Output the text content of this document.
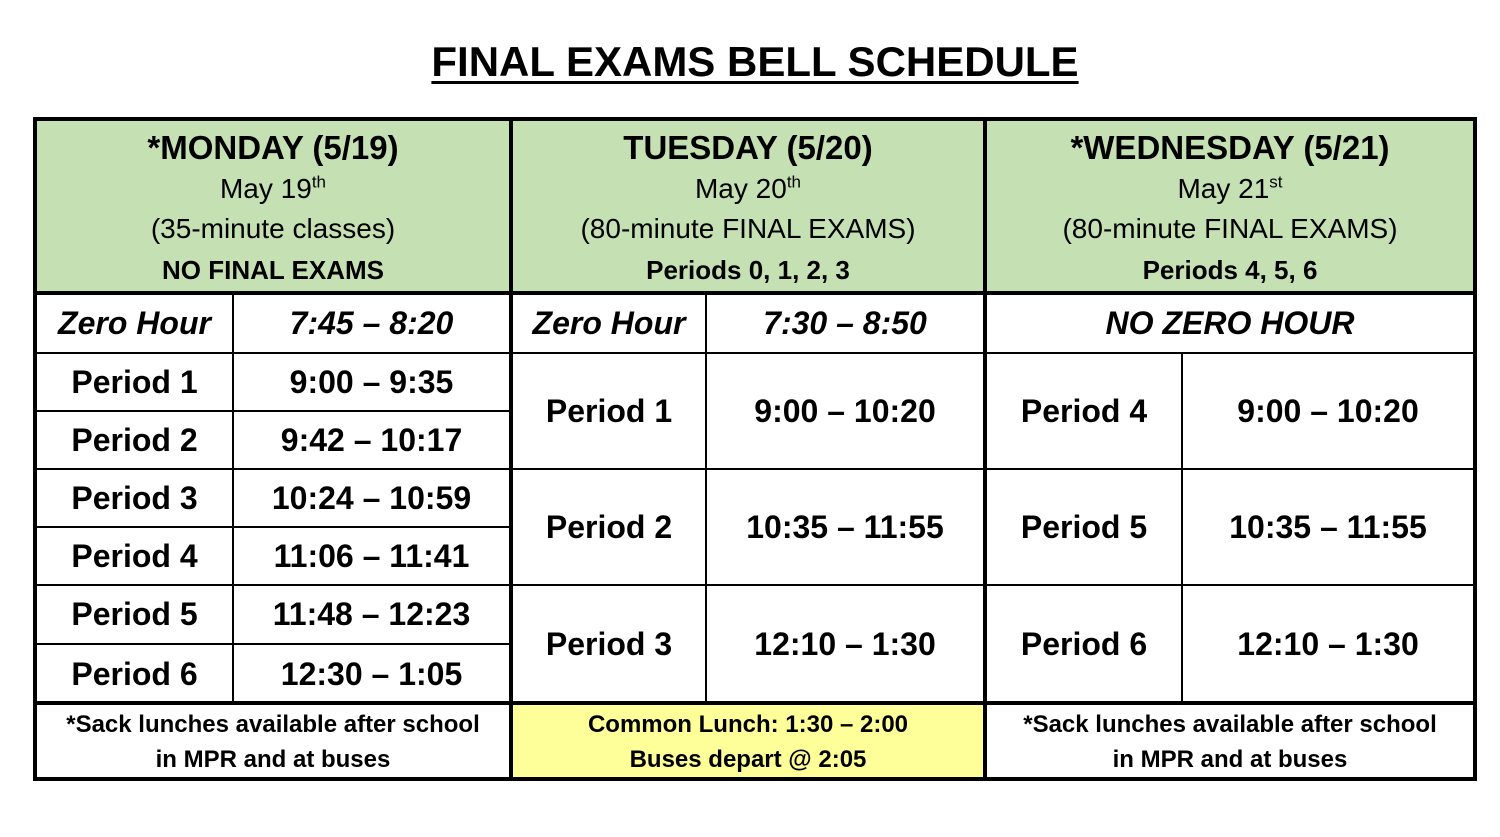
FINAL EXAMS BELL SCHEDULE
*MONDAY (5/19)
May 19th
(35-minute classes)
NO FINAL EXAMS
Zero Hour	7:45 – 8:20
Period 1	9:00 – 9:35
Period 2	9:42 – 10:17
Period 3	10:24 – 10:59
Period 4	11:06 – 11:41
Period 5	11:48 – 12:23
Period 6	12:30 – 1:05
*Sack lunches available after school
in MPR and at buses
TUESDAY (5/20)
May 20th
(80-minute FINAL EXAMS)
Periods 0, 1, 2, 3
Zero Hour	7:30 – 8:50
Period 1	9:00 – 10:20
Period 2	10:35 – 11:55
Period 3	12:10 – 1:30
Common Lunch: 1:30 – 2:00
Buses depart @ 2:05
*WEDNESDAY (5/21)
May 21st
(80-minute FINAL EXAMS)
Periods 4, 5, 6
NO ZERO HOUR
Period 4	9:00 – 10:20
Period 5	10:35 – 11:55
Period 6	12:10 – 1:30
*Sack lunches available after school
in MPR and at buses
